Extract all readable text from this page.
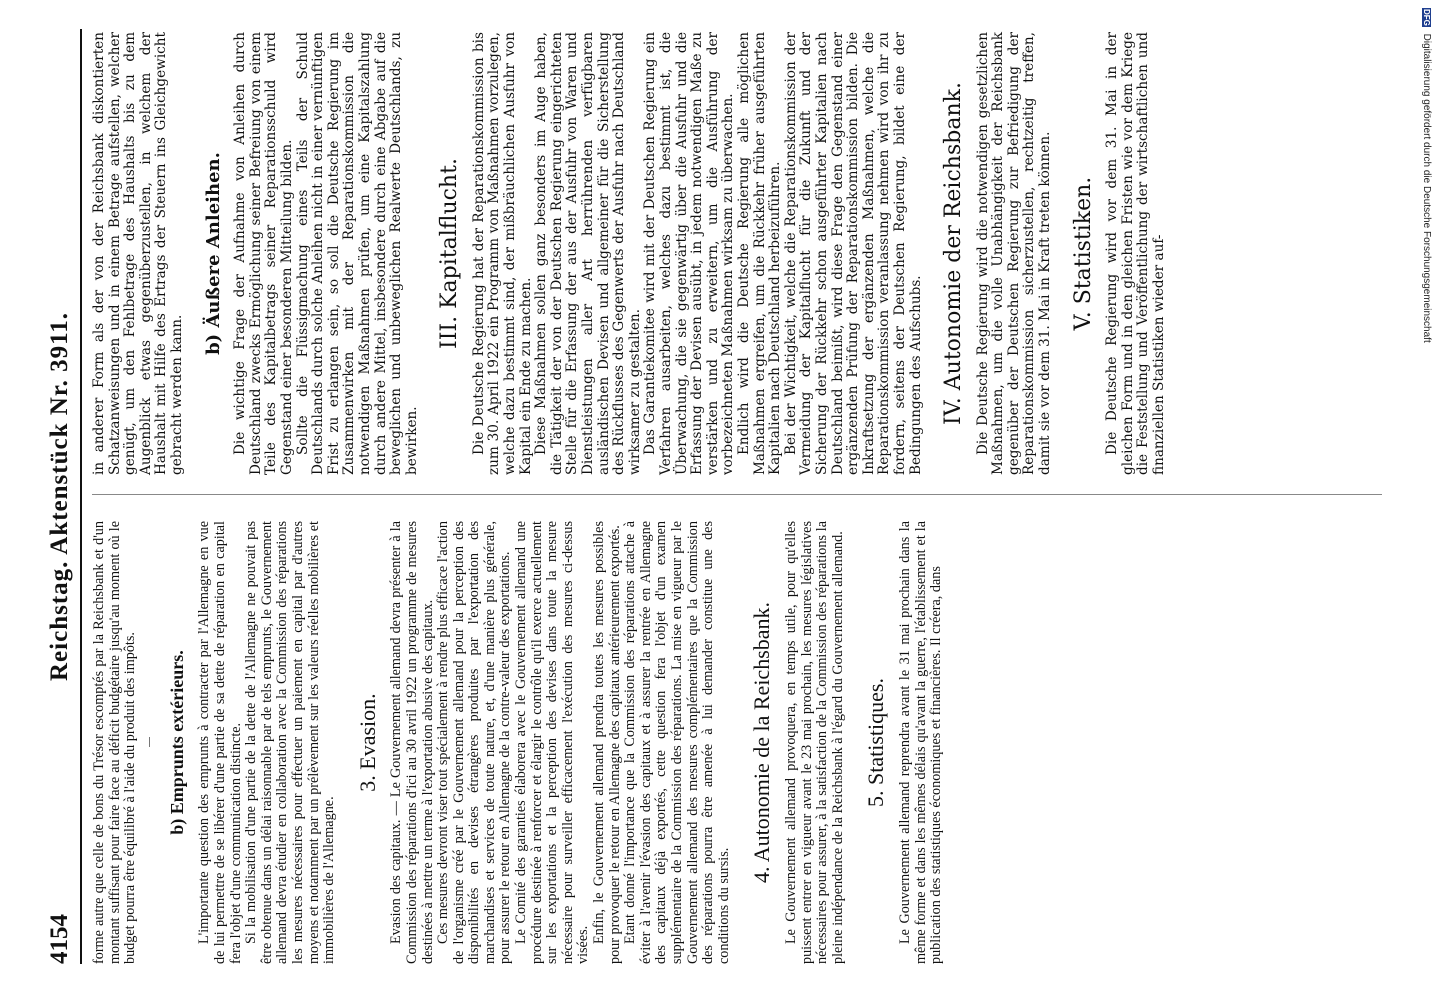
4154
Reichstag. Aktenstück Nr. 3911.

forme autre que celle de bons du Trésor escomptés par la Reichsbank et d'un montant suffisant pour faire face au déficit budgétaire jusqu'au moment où le budget pourra être équilibré à l'aide du produit des impôts. b) Emprunts extérieurs. L'importante question des emprunts à contracter par l'Allemagne en vue de lui permettre de se libérer d'une partie de sa dette de réparation en capital fera l'objet d'une communication distincte. Si la mobilisation d'une partie de la dette de l'Allemagne ne pouvait pas être obtenue dans un délai raisonnable par de tels emprunts, le Gouvernement allemand devra étudier en collaboration avec la Commission des réparations les mesures nécessaires pour effectuer un paiement en capital par d'autres moyens et notamment par un prélèvement sur les valeurs réelles mobilières et immobilières de l'Allemagne.

3. Evasion. Evasion des capitaux. — Le Gouvernement allemand devra présenter à la Commission des réparations d'ici au 30 avril 1922 un programme de mesures destinées à mettre un terme à l'exportation abusive des capitaux. Ces mesures devront viser tout spécialement à rendre plus efficace l'action de l'organisme créé par le Gouvernement allemand pour la perception des disponibilités en devises étrangères produites par l'exportation des marchandises et services de toute nature, et, d'une manière plus générale, pour assurer le retour en Allemagne de la contre-valeur des exportations. Le Comité des garanties élaborera avec le Gouvernement allemand une procédure destinée à renforcer et élargir le contrôle qu'il exerce actuellement sur les exportations et la perception des devises dans toute la mesure nécessaire pour surveiller efficacement l'exécution des mesures ci-dessus visées.

Enfin, le Gouvernement allemand prendra toutes les mesures possibles pour provoquer le retour en Allemagne des capitaux antérieurement exportés. Etant donné l'importance que la Commission des réparations attache à éviter à l'avenir l'évasion des capitaux et à assurer la rentrée en Allemagne des capitaux déjà exportés, cette question fera l'objet d'un examen supplémentaire de la Commission des réparations. La mise en vigueur par le Gouvernement allemand des mesures complémentaires que la Commission des réparations pourra être amenée à lui demander constitue une des conditions du sursis.

4. Autonomie de la Reichsbank. Le Gouvernement allemand provoquera, en temps utile, pour qu'elles puissent entrer en vigueur avant le 23 mai prochain, les mesures législatives nécessaires pour assurer, à la satisfaction de la Commission des réparations la pleine indépendance de la Reichsbank à l'égard du Gouvernement allemand. 5. Statistiques. Le Gouvernement allemand reprendra avant le 31 mai prochain dans la même forme et dans les mêmes délais qu'avant la guerre, l'établissement et la publication des statistiques économiques et financières. Il créera, dans

in anderer Form als der von der Reichsbank diskontierten Schatzanweisungen und in einem Betrage aufstellen, welcher genügt, um den Fehlbetrage des Haushalts bis zu dem Augenblick etwas gegenüberzustellen, in welchem der Haushalt mit Hilfe des Ertrags der Steuern ins Gleichgewicht gebracht werden kann.

b) Äußere Anleihen. Die wichtige Frage der Aufnahme von Anleihen durch Deutschland zwecks Ermöglichung seiner Befreiung von einem Teile des Kapitalbetrags seiner Reparationsschuld wird Gegenstand einer besonderen Mitteilung bilden. Sollte die Flüssigmachung eines Teils der Schuld Deutschlands durch solche Anleihen nicht in einer vernünftigen Frist zu erlangen sein, so soll die Deutsche Regierung im Zusammenwirken mit der Reparationskommission die notwendigen Maßnahmen prüfen, um eine Kapitalszahlung durch andere Mittel, insbesondere durch eine Abgabe auf die beweglichen und unbeweglichen Realwerte Deutschlands, zu bewirken.

III. Kapitalflucht. Die Deutsche Regierung hat der Reparationskommission bis zum 30. April 1922 ein Programm von Maßnahmen vorzulegen, welche dazu bestimmt sind, der mißbräuchlichen Ausfuhr von Kapital ein Ende zu machen. Diese Maßnahmen sollen ganz besonders im Auge haben, die Tätigkeit der von der Deutschen Regierung eingerichteten Stelle für die Erfassung der aus der Ausfuhr von Waren und Dienstleistungen aller Art herrührenden verfügbaren ausländischen Devisen und allgemeiner für die Sicherstellung des Rückflusses des Gegenwerts der Ausfuhr nach Deutschland wirksamer zu gestalten. Das Garantiekomitee wird mit der Deutschen Regierung ein Verfahren ausarbeiten, welches dazu bestimmt ist, die Überwachung, die sie gegenwärtig über die Ausfuhr und die Erfassung der Devisen ausübt, in jedem notwendigen Maße zu verstärken und zu erweitern, um die Ausführung der vorbezeichneten Maßnahmen wirksam zu überwachen. Endlich wird die Deutsche Regierung alle möglichen Maßnahmen ergreifen, um die Rückkehr früher ausgeführten Kapitalien nach Deutschland herbeizuführen. Bei der Wichtigkeit, welche die Reparationskommission der Vermeidung der Kapitalflucht für die Zukunft und der Sicherung der Rückkehr schon ausgeführter Kapitalien nach Deutschland beimißt, wird diese Frage den Gegenstand einer ergänzenden Prüfung der Reparationskommission bilden. Die Inkraftsetzung der ergänzenden Maßnahmen, welche die Reparationskommission veranlassung nehmen wird von ihr zu fordern, seitens der Deutschen Regierung, bildet eine der Bedingungen des Aufschubs. IV. Autonomie der Reichsbank. Die Deutsche Regierung wird die notwendigen gesetzlichen Maßnahmen, um die volle Unabhängigkeit der Reichsbank gegenüber der Deutschen Regierung zur Befriedigung der Reparationskommission sicherzustellen, rechtzeitig treffen, damit sie vor dem 31. Mai in Kraft treten können. V. Statistiken. Die Deutsche Regierung wird vor dem 31. Mai in der gleichen Form und in den gleichen Fristen wie vor dem Kriege die Feststellung und Veröffentlichung der wirtschaftlichen und finanziellen Statistiken wieder auf-

DFG Digitalisierung gefördert durch die Deutsche Forschungsgemeinschaft
